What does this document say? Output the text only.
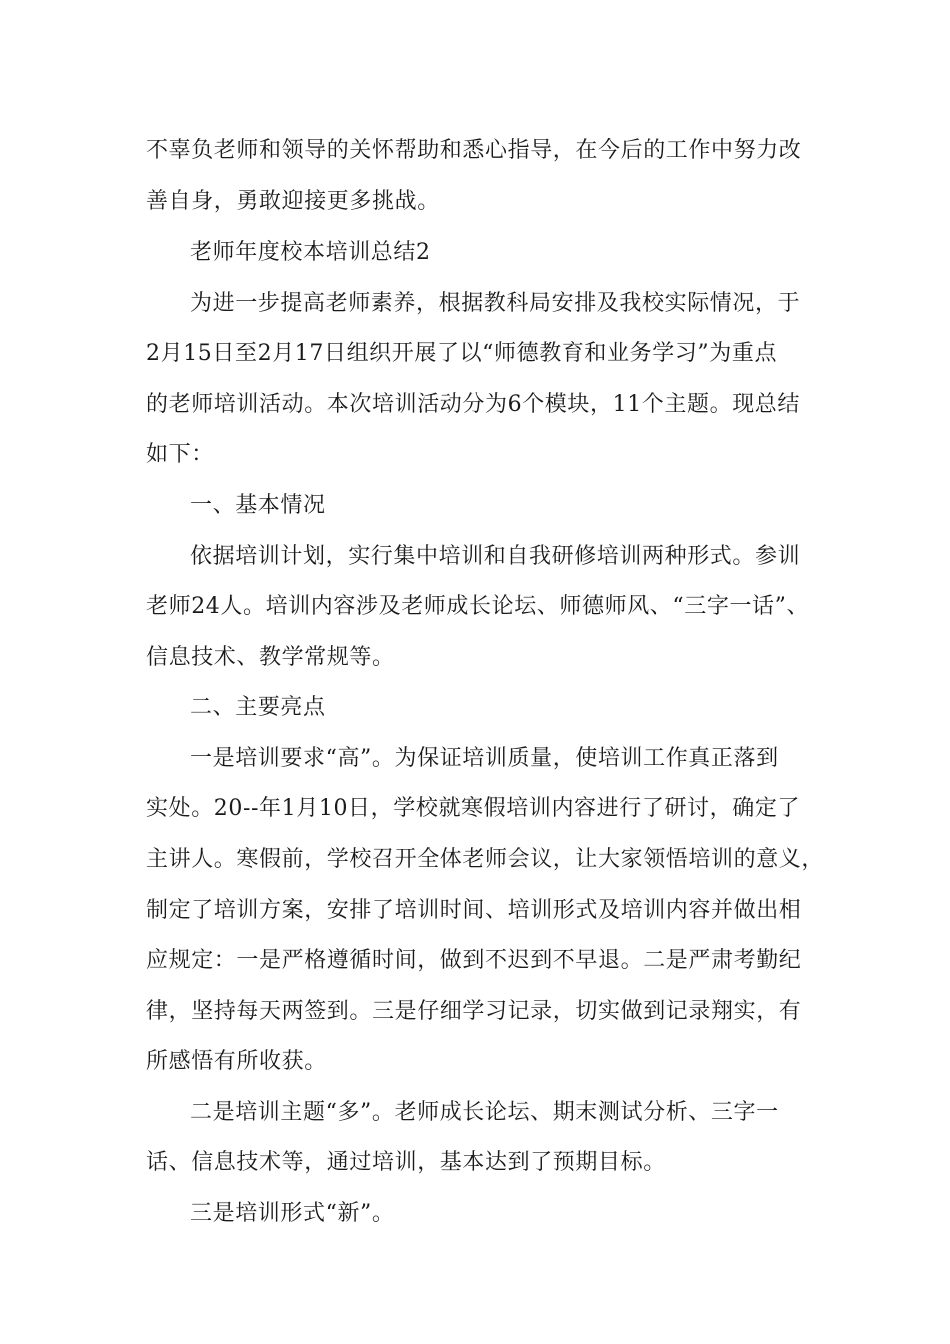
不辜负老师和领导的关怀帮助和悉心指导，在今后的工作中努力改
善自身，勇敢迎接更多挑战。
老师年度校本培训总结2
为进一步提高老师素养，根据教科局安排及我校实际情况，于
2月15日至2月17日组织开展了以“师德教育和业务学习”为重点
的老师培训活动。本次培训活动分为6个模块，11个主题。现总结
如下：
一、基本情况
依据培训计划，实行集中培训和自我研修培训两种形式。参训
老师24人。培训内容涉及老师成长论坛、师德师风、“三字一话”、
信息技术、教学常规等。
二、主要亮点
一是培训要求“高”。为保证培训质量，使培训工作真正落到
实处。20--年1月10日，学校就寒假培训内容进行了研讨，确定了
主讲人。寒假前，学校召开全体老师会议，让大家领悟培训的意义，
制定了培训方案，安排了培训时间、培训形式及培训内容并做出相
应规定：一是严格遵循时间，做到不迟到不早退。二是严肃考勤纪
律，坚持每天两签到。三是仔细学习记录，切实做到记录翔实，有
所感悟有所收获。
二是培训主题“多”。老师成长论坛、期末测试分析、三字一
话、信息技术等，通过培训，基本达到了预期目标。
三是培训形式“新”。
